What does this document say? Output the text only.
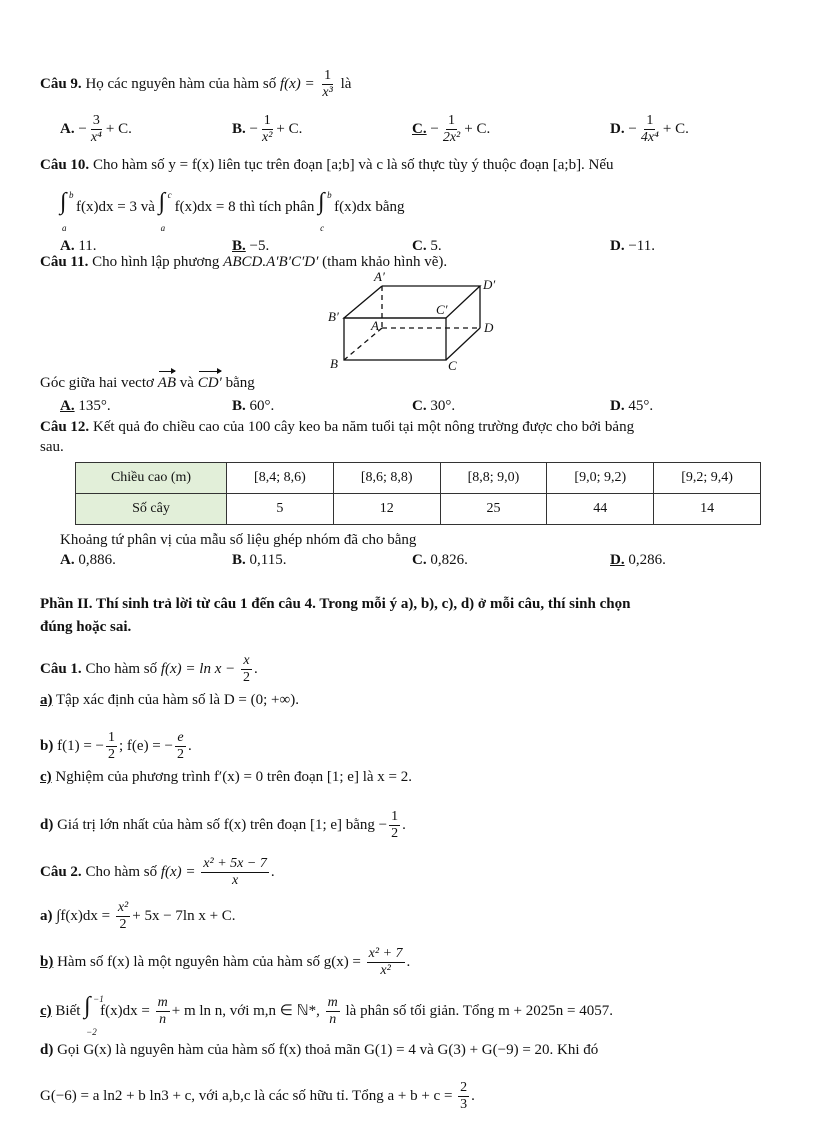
Câu 9. Họ các nguyên hàm của hàm số $f(x) = \frac{1}{\text{x³}}$ là
A. − $\frac{3}{\text{x⁴}} + C$.	B. − $\frac{1}{\text{x²}} + C$.	C. − $\frac{1}{\text{2x²}} + C$.	D. − $\frac{1}{\text{4x⁴}} + C$.
Câu 10. Cho hàm số y = f(x) liên tục trên đoạn [a;b] và c là số thực tùy ý thuộc đoạn [a;b]. Nếu
∫ b
a
f(x)dx = 3 và ∫ c
a
f(x)dx = 8 thì tích phân ∫ b
c
f(x)dx bằng
A. 11.	B. −5.	C. 5.	D. −11.
Câu 11. Cho hình lập phương ABCD.A′B′C′D′ (tham khảo hình vẽ).
A′
D′
B′	C′
A	D
B	C
Góc giữa hai vectơ AB và CD′ bằng
A. 135°.	B. 60°.	C. 30°.	D. 45°.
Câu 12. Kết quả đo chiều cao của 100 cây keo ba năm tuổi tại một nông trường được cho bởi bảng
sau.
Chiều cao (m)	[8,4; 8,6)	[8,6; 8,8)	[8,8; 9,0)	[9,0; 9,2)	[9,2; 9,4)
Số cây	5	12	25	44	14
Khoảng tứ phân vị của mẫu số liệu ghép nhóm đã cho bằng
A. 0,886.	B. 0,115.	C. 0,826.	D. 0,286.
Phần II. Thí sinh trả lời từ câu 1 đến câu 4. Trong mỗi ý a), b), c), d) ở mỗi câu, thí sinh chọn
đúng hoặc sai.
Câu 1. Cho hàm số $f(x) = \ln x - \frac{x}{2}$ .
a) Tập xác định của hàm số là D = (0; +∞).
b) f(1) = − $\frac{1}{2}$ ; f(e) = − $\frac{e}{2}$ .
c) Nghiệm của phương trình f′(x) = 0 trên đoạn [1; e] là x = 2.
d) Giá trị lớn nhất của hàm số f(x) trên đoạn [1; e] bằng − $\frac{1}{2}$ .
Câu 2. Cho hàm số $f(x) = \frac{\text{x² + 5x − 7}}{x}$ .
a) $\int f(x)dx = \frac{\text{x²}}{2} + 5x - 7\ln$ x + C.
b) Hàm số f(x) là một nguyên hàm của hàm số $g(x) = \frac{\text{x² + 7}}{\text{x²}}$ .
c) Biết ∫ −1
−2
$f(x)dx = \frac{m}{n} + m$ ln n, với m,n ∈ ℕ*, $\frac{m}{n}$ là phân số tối giản. Tổng m + 2025n = 4057.
d) Gọi G(x) là nguyên hàm của hàm số f(x) thoả mãn G(1) = 4 và G(3) + G(−9) = 20. Khi đó
G(−6) = a ln2 + b ln3 + c, với a,b,c là các số hữu tỉ. Tổng $a + b + c = \frac{2}{3}$ .
